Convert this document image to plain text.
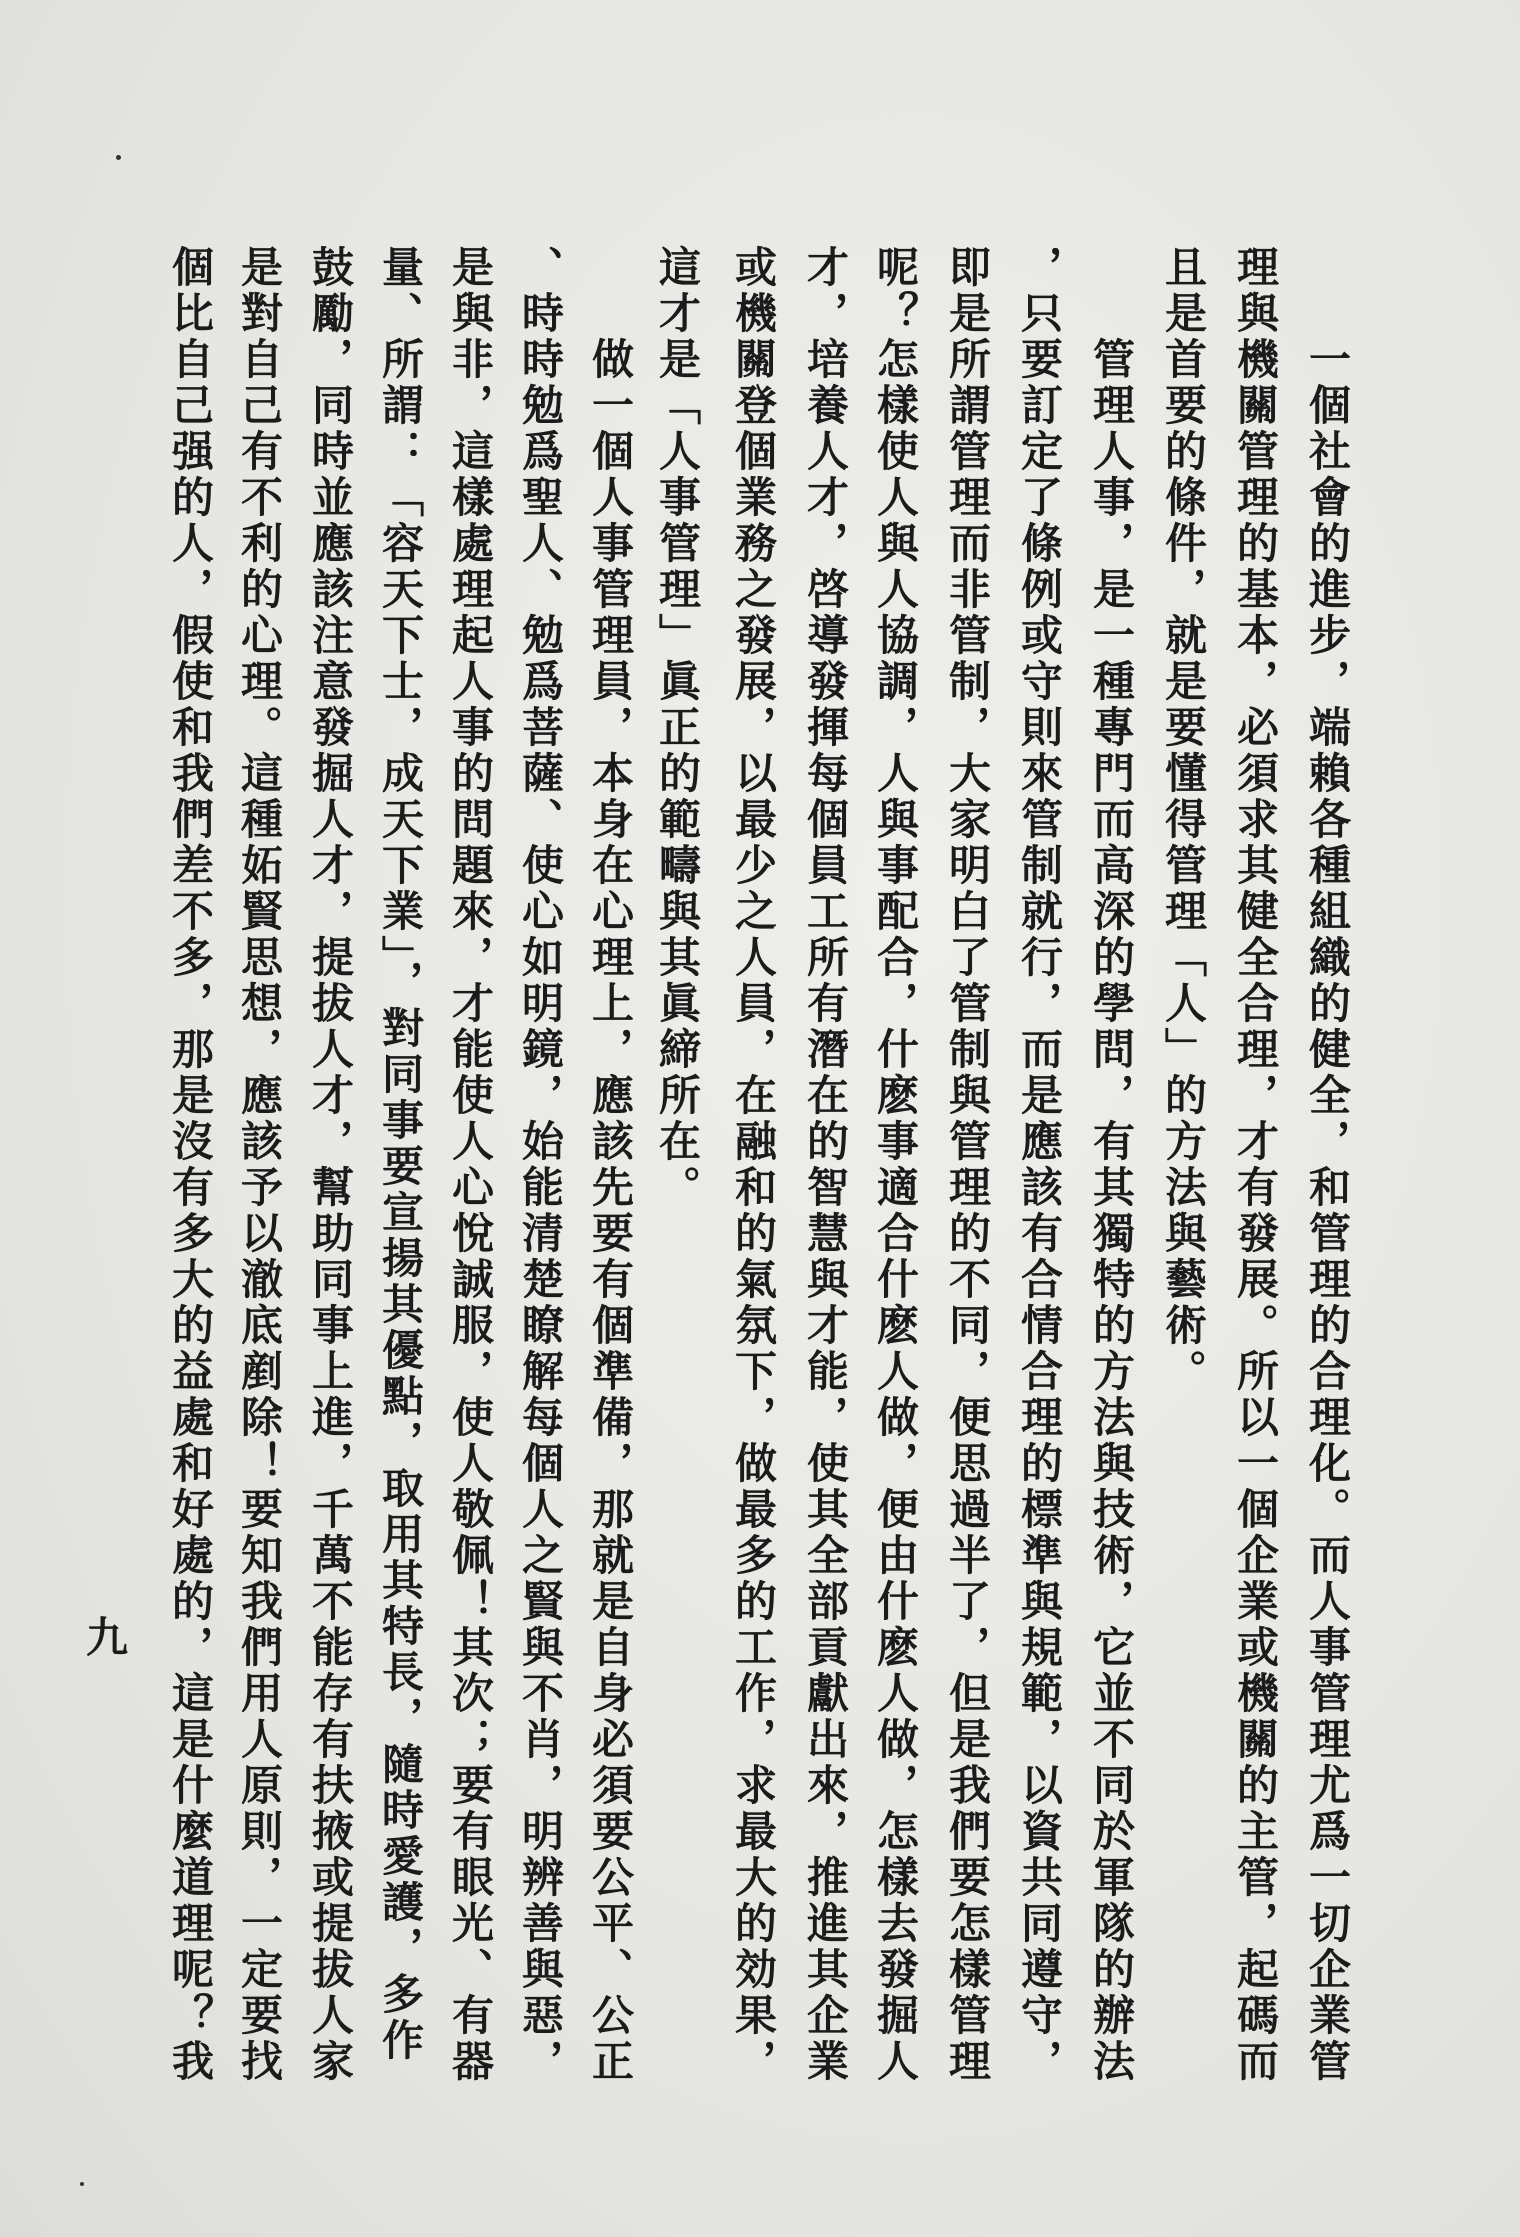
一個社會的進步，端賴各種組織的健全，和管理的合理化。而人事管理尤爲一切企業管
理與機關管理的基本，必須求其健全合理，才有發展。所以一個企業或機關的主管，起碼而
且是首要的條件，就是要懂得管理「人」的方法與藝術。
管理人事，是一種專門而高深的學問，有其獨特的方法與技術，它並不同於軍隊的辦法
，只要訂定了條例或守則來管制就行，而是應該有合情合理的標準與規範，以資共同遵守，
即是所謂管理而非管制，大家明白了管制與管理的不同，便思過半了，但是我們要怎樣管理
呢？怎樣使人與人協調，人與事配合，什麽事適合什麽人做，便由什麽人做，怎樣去發掘人
才，培養人才，啓導發揮每個員工所有潛在的智慧與才能，使其全部貢獻出來，推進其企業
或機關登個業務之發展，以最少之人員，在融和的氣氛下，做最多的工作，求最大的効果，
這才是「人事管理」眞正的範疇與其眞締所在。
做一個人事管理員，本身在心理上，應該先要有個準備，那就是自身必須要公平、公正
、時時勉爲聖人、勉爲菩薩、使心如明鏡，始能清楚瞭解每個人之賢與不肖，明辨善與惡，
是與非，這樣處理起人事的問題來，才能使人心悅誠服，使人敬佩！其次；要有眼光、有器
量、所謂：「容天下士，成天下業」，對同事要宣揚其優點，取用其特長，隨時愛護，多作
鼓勵，同時並應該注意發掘人才，提拔人才，幫助同事上進，千萬不能存有扶掖或提拔人家
是對自己有不利的心理。這種妬賢思想，應該予以澈底剷除！要知我們用人原則，一定要找
個比自己强的人，假使和我們差不多，那是沒有多大的益處和好處的，這是什麼道理呢？我
九
